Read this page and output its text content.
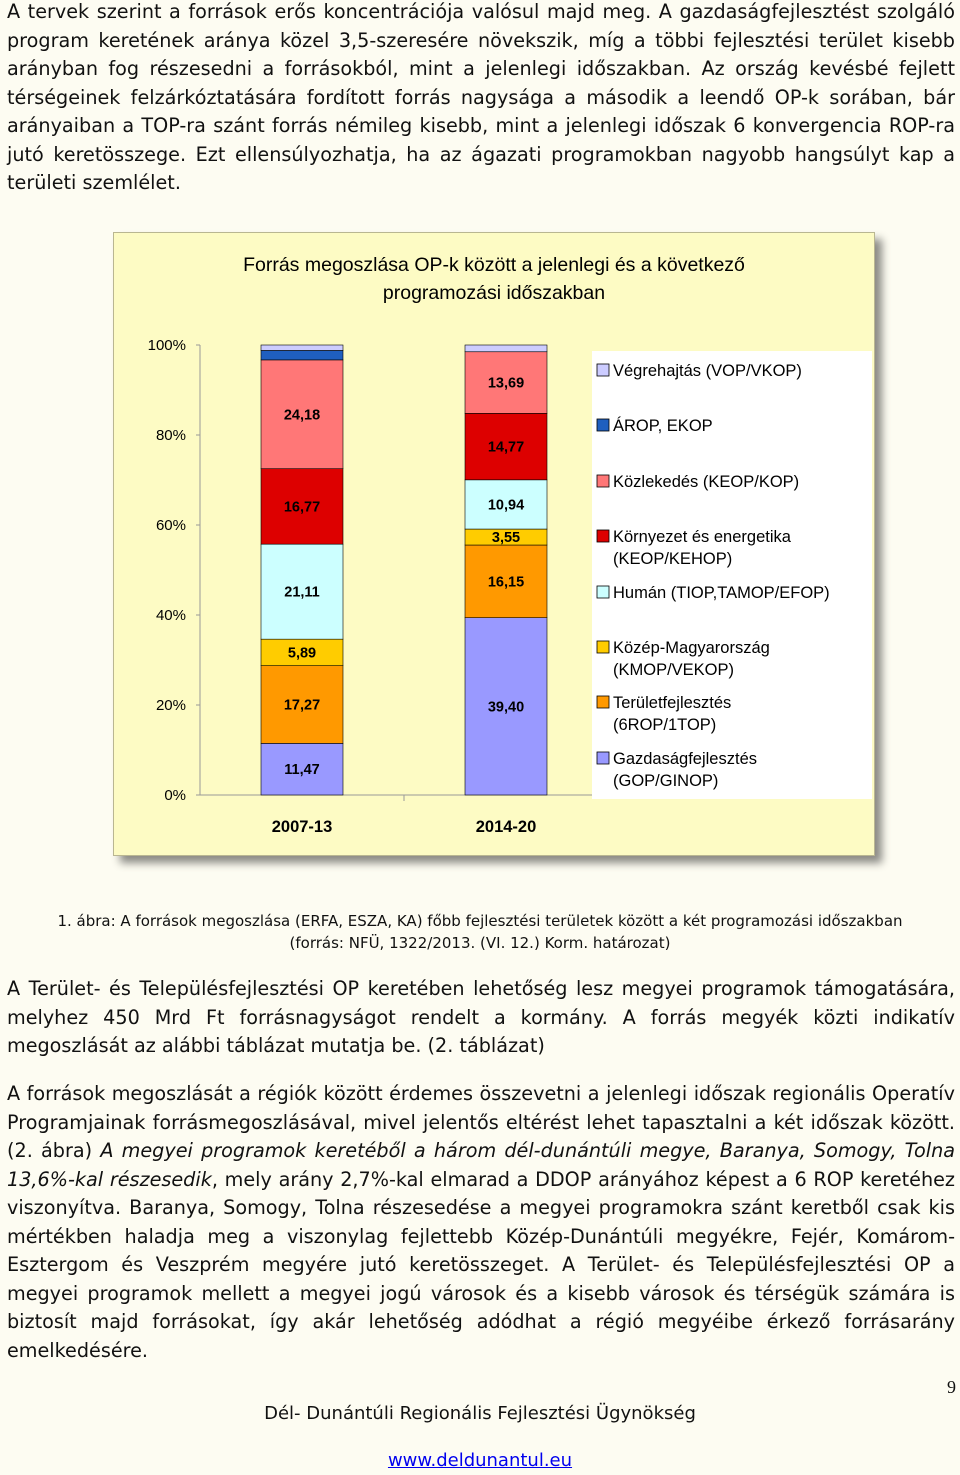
A tervek szerint a források erős koncentrációja valósul majd meg. A gazdaságfejlesztést szolgáló program keretének aránya közel 3,5-szeresére növekszik, míg a többi fejlesztési terület kisebb arányban fog részesedni a forrásokból, mint a jelenlegi időszakban. Az ország kevésbé fejlett térségeinek felzárkóztatására fordított forrás nagysága a második a leendő OP-k sorában, bár arányaiban a TOP-ra szánt forrás némileg kisebb, mint a jelenlegi időszak 6 konvergencia ROP-ra jutó keretösszege. Ezt ellensúlyozhatja, ha az ágazati programokban nagyobb hangsúlyt kap a területi szemlélet.

Forrás megoszlása OP-k között a jelenlegi és a következő
programozási időszakban
0%
20%
40%
60%
80%
100%
11,47
17,27
5,89
21,11
16,77
24,18
2007-13
39,40
16,15
3,55
10,94
14,77
13,69
2014-20
Végrehajtás (VOP/VKOP)
ÁROP, EKOP
Közlekedés (KEOP/KOP)
Környezet és energetika
(KEOP/KEHOP)
Humán (TIOP,TAMOP/EFOP)
Közép-Magyarország
(KMOP/VEKOP)
Területfejlesztés
(6ROP/1TOP)
Gazdaságfejlesztés
(GOP/GINOP)
1. ábra: A források megoszlása (ERFA, ESZA, KA) főbb fejlesztési területek között a két programozási időszakban
(forrás: NFÜ, 1322/2013. (VI. 12.) Korm. határozat)

A Terület- és Településfejlesztési OP keretében lehetőség lesz megyei programok támogatására, melyhez 450 Mrd Ft forrásnagyságot rendelt a kormány. A forrás megyék közti indikatív megoszlását az alábbi táblázat mutatja be. (2. táblázat)

A források megoszlását a régiók között érdemes összevetni a jelenlegi időszak regionális Operatív Programjainak forrásmegoszlásával, mivel jelentős eltérést lehet tapasztalni a két időszak között. (2. ábra) A megyei programok keretéből a három dél-dunántúli megye, Baranya, Somogy, Tolna 13,6%-kal részesedik, mely arány 2,7%-kal elmarad a DDOP arányához képest a 6 ROP keretéhez viszonyítva. Baranya, Somogy, Tolna részesedése a megyei programokra szánt keretből csak kis mértékben haladja meg a viszonylag fejlettebb Közép-Dunántúli megyékre, Fejér, Komárom-Esztergom és Veszprém megyére jutó keretösszeget. A Terület- és Településfejlesztési OP a megyei programok mellett a megyei jogú városok és a kisebb városok és térségük számára is biztosít majd forrásokat, így akár lehetőség adódhat a régió megyéibe érkező forrásarány emelkedésére.

9
Dél- Dunántúli Regionális Fejlesztési Ügynökség
www.deldunantul.eu
